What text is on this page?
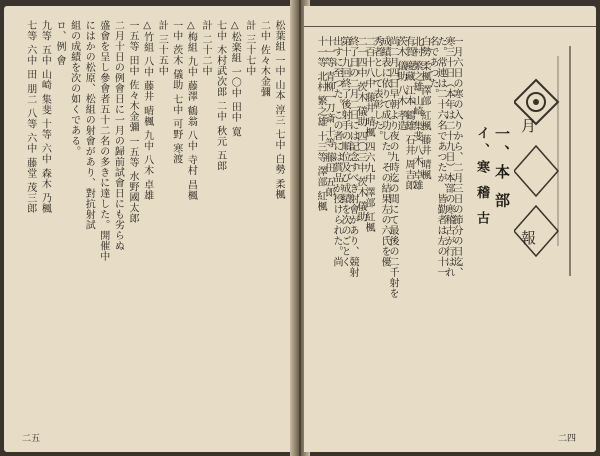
松葉組 一中 山本 淳三 七中 白勢 柔楓
二中 佐々木金彌
計 三十七中
△松楽組 一〇中 田中 寛
七中 木村武次郎 二中 秋元 五郎
計 二十二中
△梅組 九中 藤澤 鶴翁 八中 寺村 昌楓
一中 茨木 儀助 七中 可野 寒渡
計 三十五中
△竹組 八中 藤井 晴楓 九中 八木 卓雄
一五等 田中 佐々木金彌 一五等 水野國太郎
二月十日の例會日に一月の歸前試會日にも劣らぬ
盛會を呈し參會者五十二名の多きに達した。開催中
にはかの松原、松組の射會があり、對抗射試
組の成績を次の如くである。
ロ、例 會
九等 五中 山崎 集斐 十等 六中 森木 乃楓
七等 六中 田 朋二 八等 六中 藤堂 茂三郎
二五
月 報
一、本 部
イ、寒 稽 古
一月六日の寒の入りから、二月三日の節分の日迄、
寒三十日（本年は二十九日）本部の寒稽古が行はれ
た。常連は二十六名であつたが、皆勤者は左の十一
名であつた。
白勢 柔楓 澤部 紅楓 藤井 晴楓
北村 繁之雄 山崎 集斐 八木 卓雄
有賀 慶藏 江本 鶴雄 石井 周吉郎
茨木 儀助 八木 孝造
尚二月四日早朝より夜の九時迄の間にて最後の二千射を
成績表に依りて成功した。その結果左の六氏を優
秀者として表彰した。
二百十八中 藤井 晴楓 四六九中 澤部 紅楓
二一四中 茨木 儀助 四〇三中 茨木 儀助
終了日の二月二日には記念すべき射會があり、競射
第十九回終了後射手の順位及び成績を次のごとく
出すに至つた。この者には賞品が授けられた。尚
十一等 青柳一刀斎 十等 藤田 五郎
十一等 北村 繁之雄 十三等 澤部 紅楓
二四
